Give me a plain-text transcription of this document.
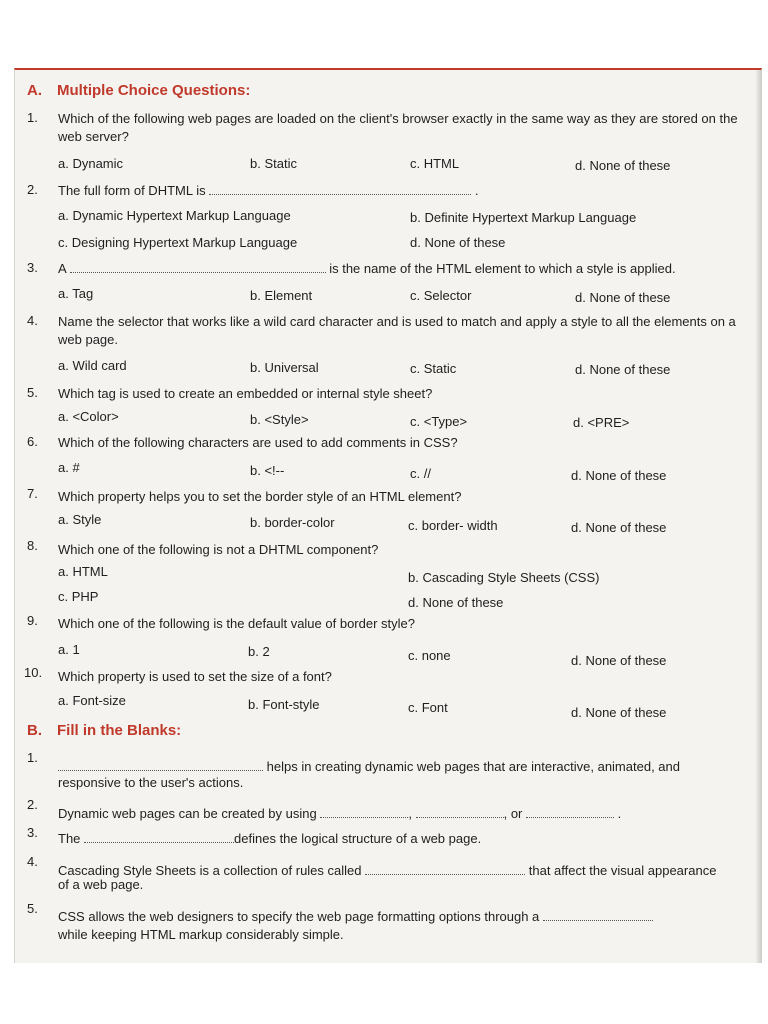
A. Multiple Choice Questions:
1. Which of the following web pages are loaded on the client's browser exactly in the same way as they are stored on the web server?
a. Dynamic	b. Static	c. HTML	d. None of these
2. The full form of DHTML is	.
a. Dynamic Hypertext Markup Language	b. Definite Hypertext Markup Language
c. Designing Hypertext Markup Language	d. None of these
3. A	is the name of the HTML element to which a style is applied.
a. Tag	b. Element	c. Selector	d. None of these
4. Name the selector that works like a wild card character and is used to match and apply a style to all the elements on a web page.
a. Wild card	b. Universal	c. Static	d. None of these
5. Which tag is used to create an embedded or internal style sheet?
a. <Color>	b. <Style>	c. <Type>	d. <PRE>
6. Which of the following characters are used to add comments in CSS?
a. #	b. <!--	c. //	d. None of these
7. Which property helps you to set the border style of an HTML element?
a. Style	b. border-color	c. border- width	d. None of these
8. Which one of the following is not a DHTML component?
a. HTML	b. Cascading Style Sheets (CSS)
c. PHP	d. None of these
9. Which one of the following is the default value of border style?
a. 1	b. 2	c. none	d. None of these
10. Which property is used to set the size of a font?
a. Font-size	b. Font-style	c. Font	d. None of these
B. Fill in the Blanks:
1.
helps in creating dynamic web pages that are interactive, animated, and
responsive to the user's actions.
2.
Dynamic web pages can be created by using	,	, or	.
3. The	defines the logical structure of a web page.
4.
Cascading Style Sheets is a collection of rules called	that affect the visual appearance
of a web page.
5.
CSS allows the web designers to specify the web page formatting options through a
while keeping HTML markup considerably simple.
